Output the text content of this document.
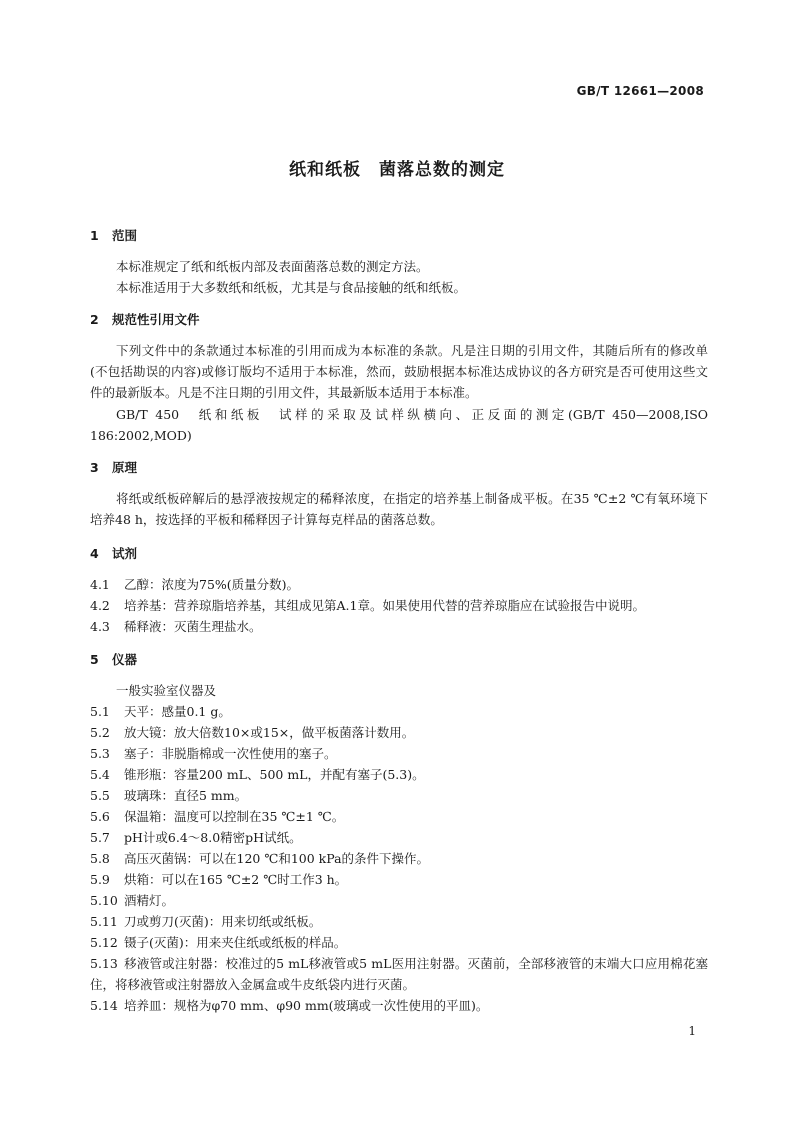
GB/T 12661—2008
纸和纸板　菌落总数的测定
1 范围
本标准规定了纸和纸板内部及表面菌落总数的测定方法。
本标准适用于大多数纸和纸板，尤其是与食品接触的纸和纸板。
2 规范性引用文件
下列文件中的条款通过本标准的引用而成为本标准的条款。凡是注日期的引用文件，其随后所有的修改单(不包括勘误的内容)或修订版均不适用于本标准，然而，鼓励根据本标准达成协议的各方研究是否可使用这些文件的最新版本。凡是不注日期的引用文件，其最新版本适用于本标准。
GB/T 450　纸和纸板　试样的采取及试样纵横向、正反面的测定(GB/T 450—2008,ISO 186:2002,MOD)
3 原理
将纸或纸板碎解后的悬浮液按规定的稀释浓度，在指定的培养基上制备成平板。在35 ℃±2 ℃有氧环境下培养48 h，按选择的平板和稀释因子计算每克样品的菌落总数。
4 试剂
4.1 乙醇：浓度为75%(质量分数)。
4.2 培养基：营养琼脂培养基，其组成见第A.1章。如果使用代替的营养琼脂应在试验报告中说明。
4.3 稀释液：灭菌生理盐水。
5 仪器
一般实验室仪器及
5.1 天平：感量0.1 g。
5.2 放大镜：放大倍数10×或15×，做平板菌落计数用。
5.3 塞子：非脱脂棉或一次性使用的塞子。
5.4 锥形瓶：容量200 mL、500 mL，并配有塞子(5.3)。
5.5 玻璃珠：直径5 mm。
5.6 保温箱：温度可以控制在35 ℃±1 ℃。
5.7 pH计或6.4～8.0精密pH试纸。
5.8 高压灭菌锅：可以在120 ℃和100 kPa的条件下操作。
5.9 烘箱：可以在165 ℃±2 ℃时工作3 h。
5.10 酒精灯。
5.11 刀或剪刀(灭菌)：用来切纸或纸板。
5.12 镊子(灭菌)：用来夹住纸或纸板的样品。
5.13 移液管或注射器：校准过的5 mL移液管或5 mL医用注射器。灭菌前，全部移液管的末端大口应用棉花塞住，将移液管或注射器放入金属盒或牛皮纸袋内进行灭菌。
5.14 培养皿：规格为φ70 mm、φ90 mm(玻璃或一次性使用的平皿)。
1
